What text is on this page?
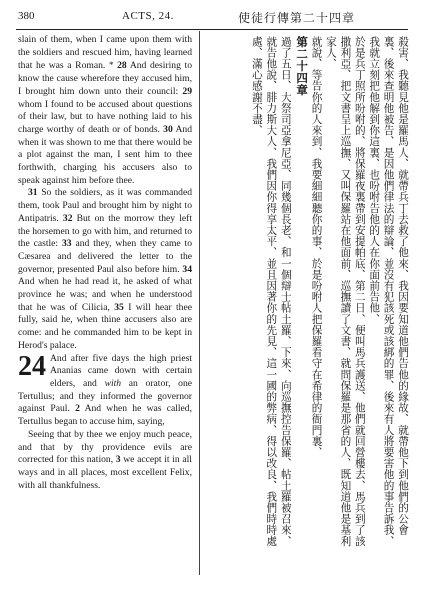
380	ACTS, 24.	使徒行傳第二十四章

slain of them, when I came upon them with the soldiers and rescued him, having learned that he was a Roman. * 28 And desiring to know the cause wherefore they accused him, I brought him down unto their council: 29 whom I found to be accused about questions of their law, but to have nothing laid to his charge worthy of death or of bonds. 30 And when it was shown to me that there would be a plot against the man, I sent him to thee forthwith, charging his accusers also to speak against him before thee.

31 So the soldiers, as it was commanded them, took Paul and brought him by night to Antipatris. 32 But on the morrow they left the horsemen to go with him, and returned to the castle: 33 and they, when they came to Cæsarea and delivered the letter to the governor, presented Paul also before him. 34 And when he had read it, he asked of what province he was; and when he understood that he was of Cilicia, 35 I will hear thee fully, said he, when thine accusers also are come: and he commanded him to be kept in Herod's palace.

24 And after five days the high priest Ananias came down with certain elders, and with an orator, one Tertullus; and they informed the governor against Paul. 2 And when he was called, Tertullus began to accuse him, saying,

Seeing that by thee we enjoy much peace, and that by thy providence evils are corrected for this nation, 3 we accept it in all ways and in all places, most excellent Felix, with all thankfulness.	殺害、我聽見他是羅馬人、就帶兵丁去救了他來、我因要知道他們告他的緣故、就帶他下到他們的公會裏、後來查明他被告、是因他們律法的辯論、並沒有犯該死或該綁的罪、後來有人將要害他的事告訴我、我就立刻把他解到你這裏、也吩咐告他的人在你面前告他、

於是兵丁照所吩咐的、將保羅夜裏帶到安提帕底、第二日、便叫馬兵護送、他們就回營樓去、馬兵到了該撒利亞、把文書呈上巡撫、又叫保羅站在他面前、巡撫讀了文書、就問保羅是那省的人、既知道他是基利家人、

就說、等告你的人來到、我要細細聽你的事、於是吩咐人把保羅看守在希律的衙門裏、

第二十四章

過了五日、大祭司亞拿尼亞、同幾個長老、和一個辯士帖土羅、下來、向巡撫控告保羅、帖土羅被召來、就告他說、腓力斯大人、我們因你得享太平、並且因著你的先見、這一國的弊病、得以改良、我們時時處處、滿心感謝不盡、
